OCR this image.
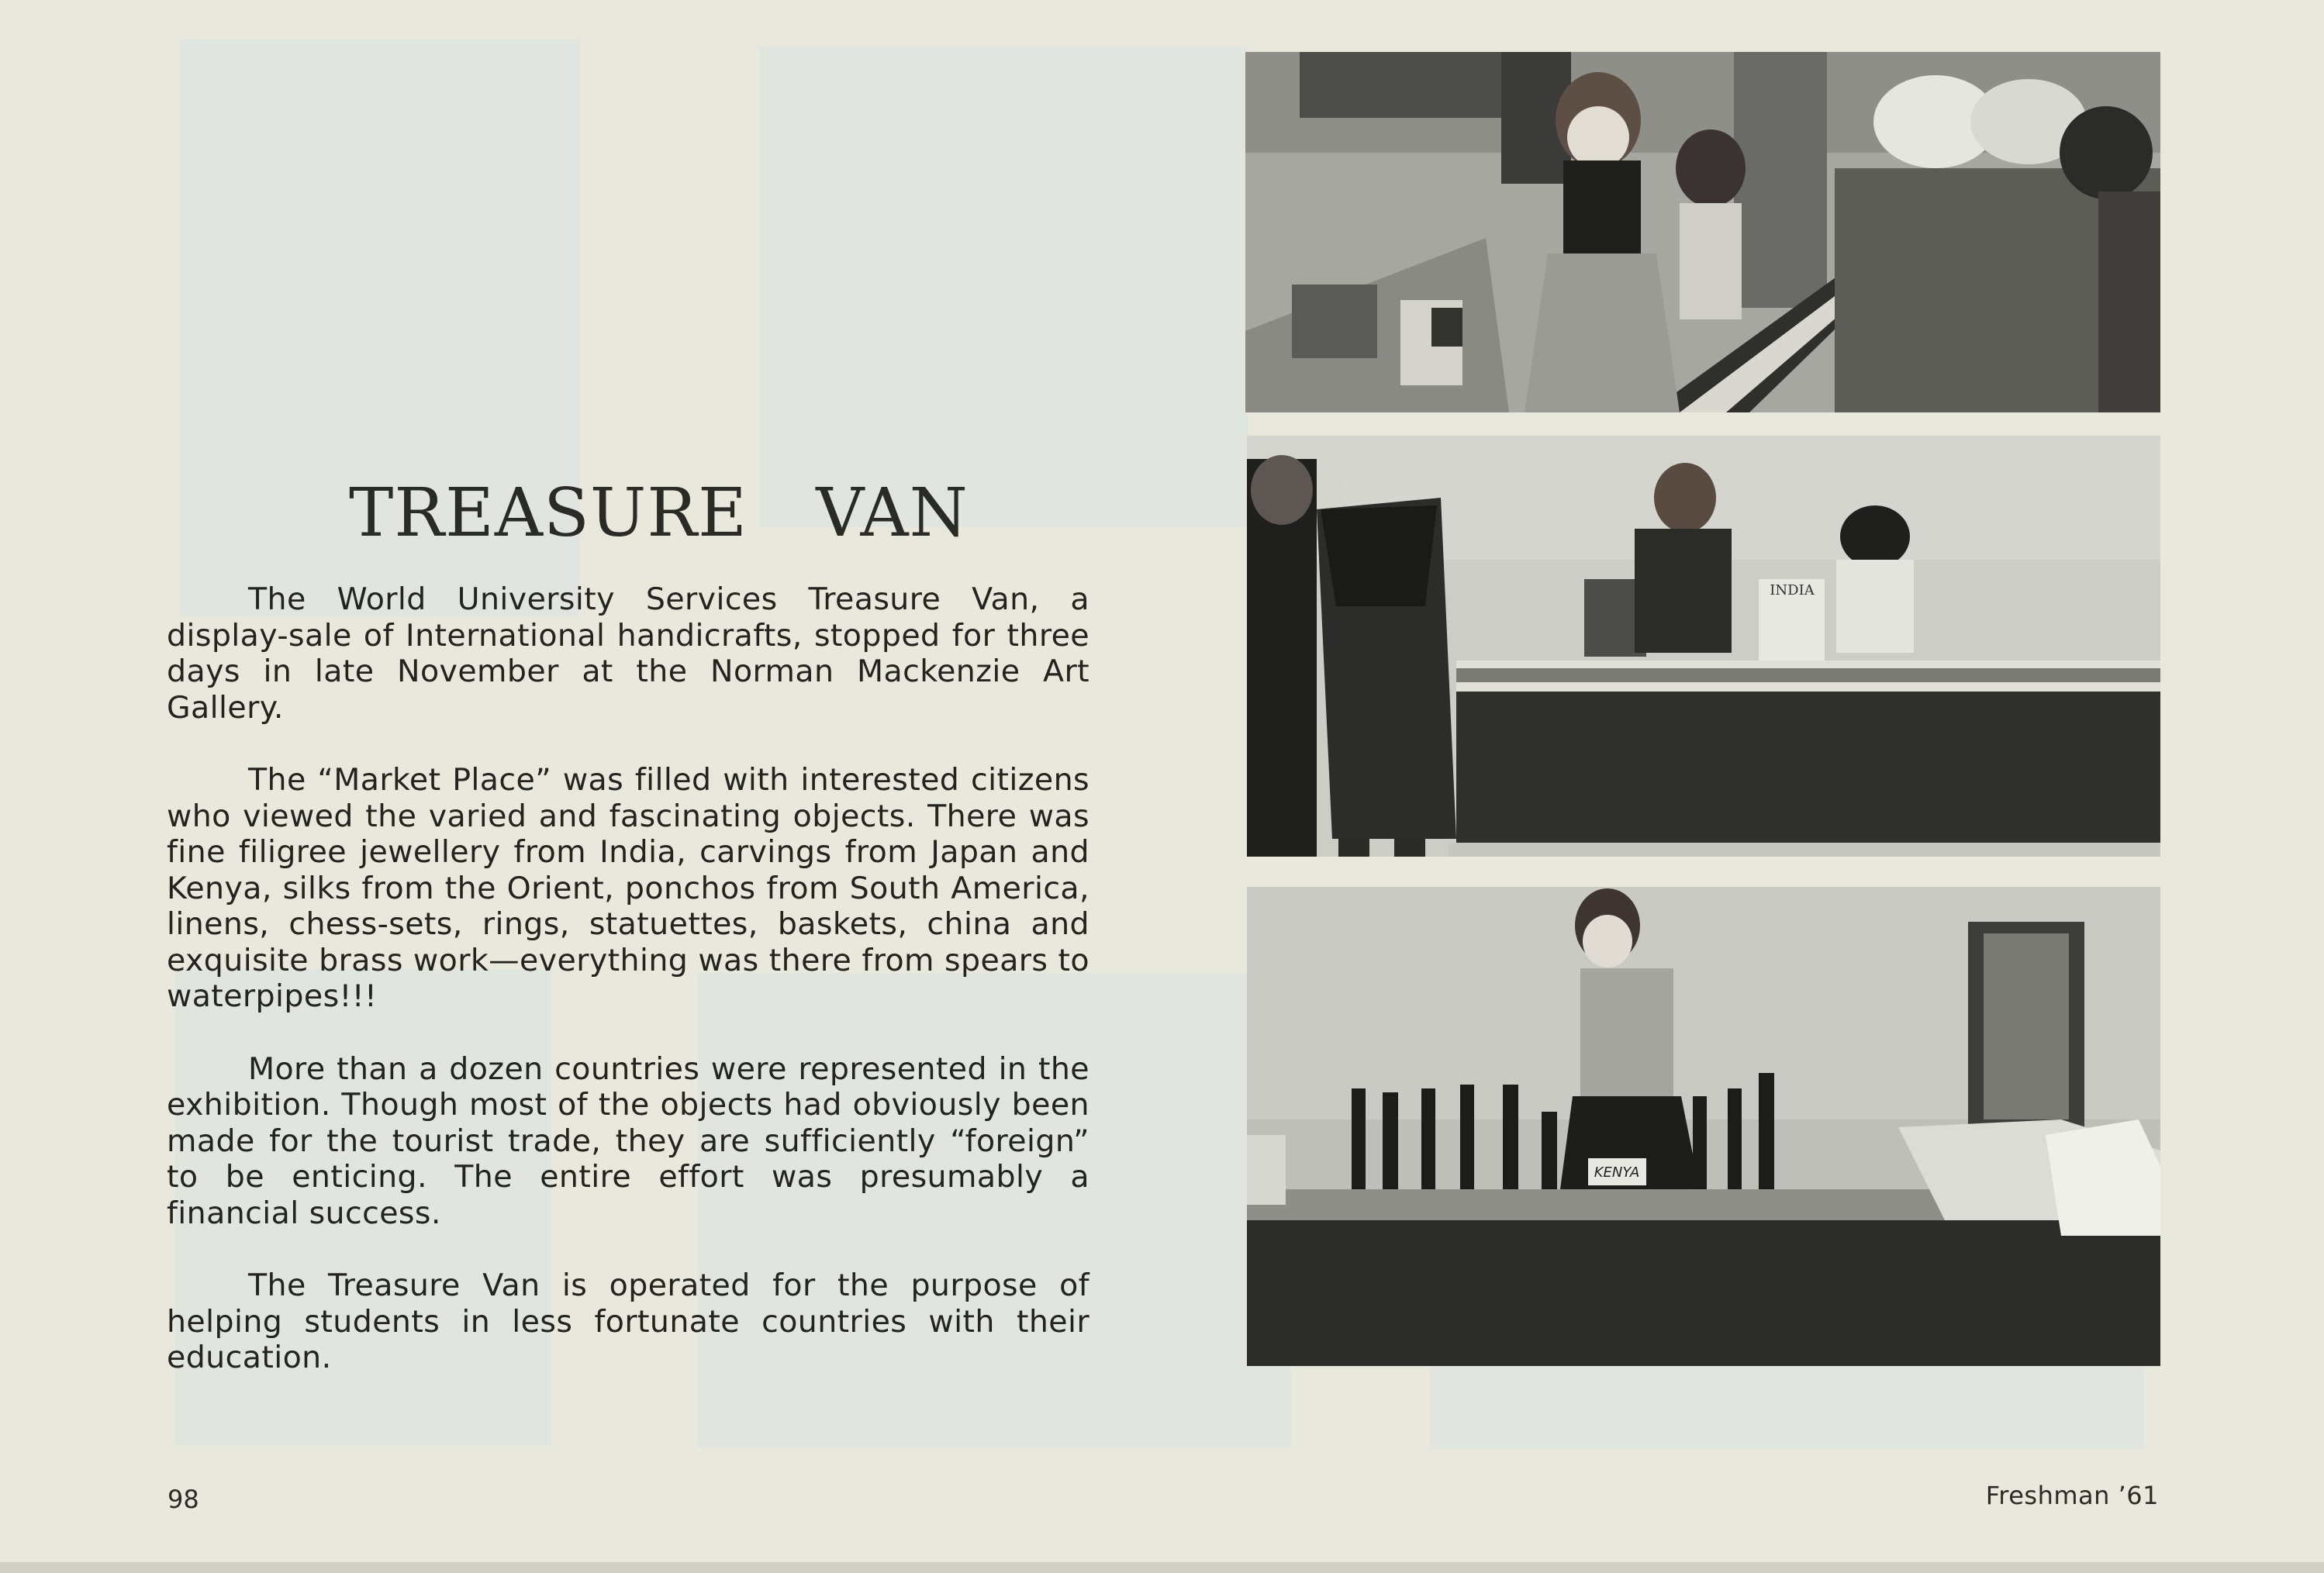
TREASURE VAN

The World University Services Treasure Van, a display-sale of International handicrafts, stopped for three days in late November at the Norman Mackenzie Art Gallery.

The “Market Place” was filled with interested citizens who viewed the varied and fascinating objects. There was fine filigree jewellery from India, carvings from Japan and Kenya, silks from the Orient, ponchos from South America, linens, chess-sets, rings, statuettes, baskets, china and exquisite brass work—everything was there from spears to waterpipes!!!

More than a dozen countries were represented in the exhibition. Though most of the objects had obviously been made for the tourist trade, they are sufficiently “foreign” to be enticing. The entire effort was presumably a financial success.

The Treasure Van is operated for the purpose of helping students in less fortunate countries with their education.

INDIA
KENYA
98	Freshman ’61
